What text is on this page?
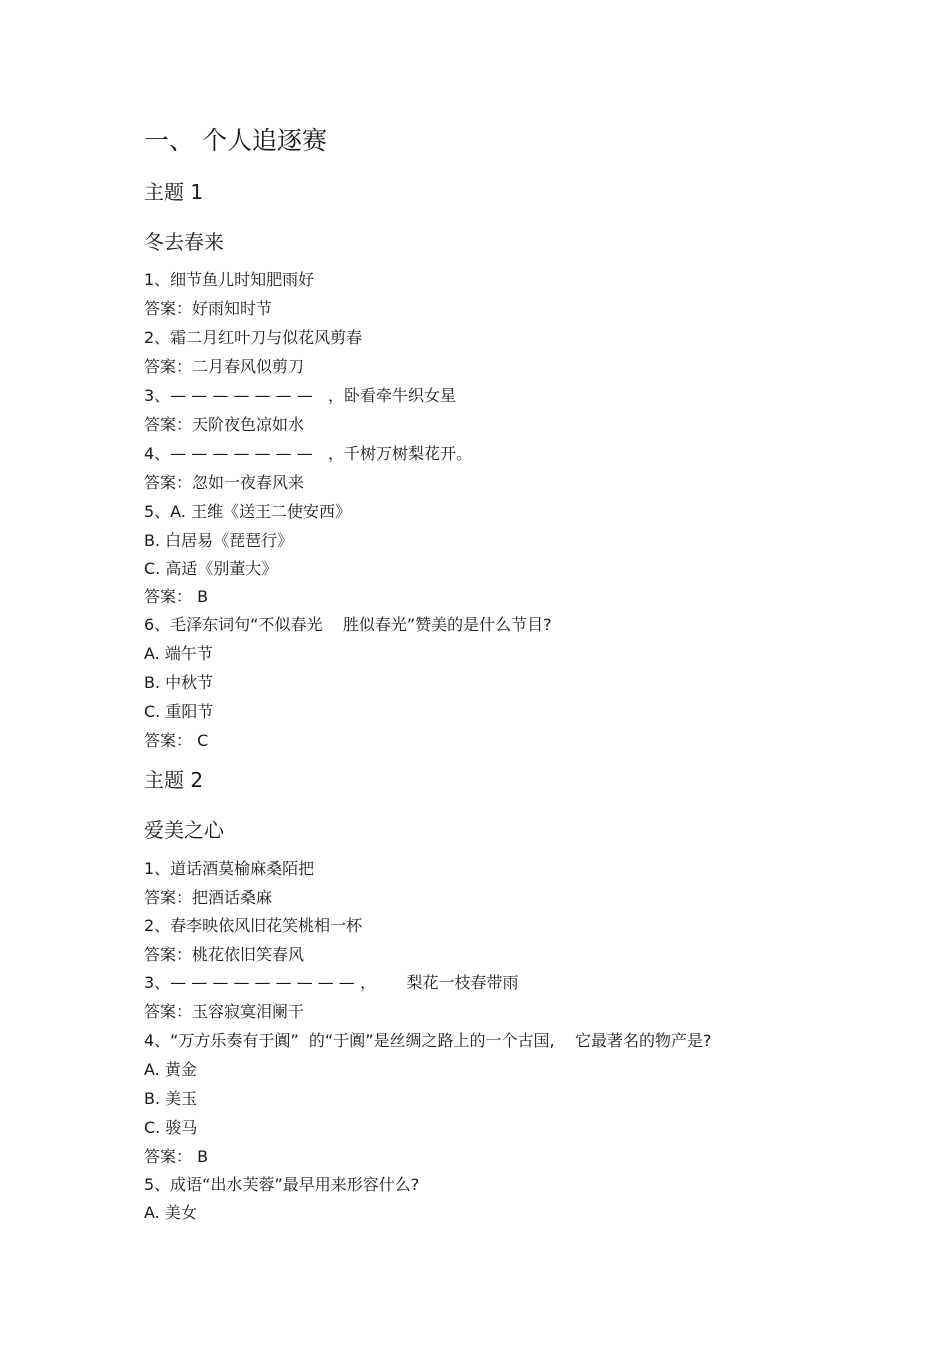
一、 个人追逐赛
主题 1
冬去春来
1、细节鱼儿时知肥雨好
答案：好雨知时节
2、霜二月红叶刀与似花风剪春
答案：二月春风似剪刀
3、— — — — — — —   ，卧看牵牛织女星
答案：天阶夜色凉如水
4、— — — — — — —   ，千树万树梨花开。
答案：忽如一夜春风来
5、A. 王维《送王二使安西》
B. 白居易《琵琶行》
C. 高适《别董大》
答案： B
6、毛泽东词句“不似春光    胜似春光”赞美的是什么节目?
A. 端午节
B. 中秋节
C. 重阳节
答案： C
主题 2
爱美之心
1、道话酒莫榆麻桑陌把
答案：把酒话桑麻
2、春李映依风旧花笑桃相一杯
答案：桃花依旧笑春风
3、— — — — — — — — — ，      梨花一枝春带雨
答案：玉容寂寞泪阑干
4、“万方乐奏有于阗”  的“于阗”是丝绸之路上的一个古国,    它最著名的物产是?
A. 黄金
B. 美玉
C. 骏马
答案： B
5、成语“出水芙蓉”最早用来形容什么?
A. 美女
